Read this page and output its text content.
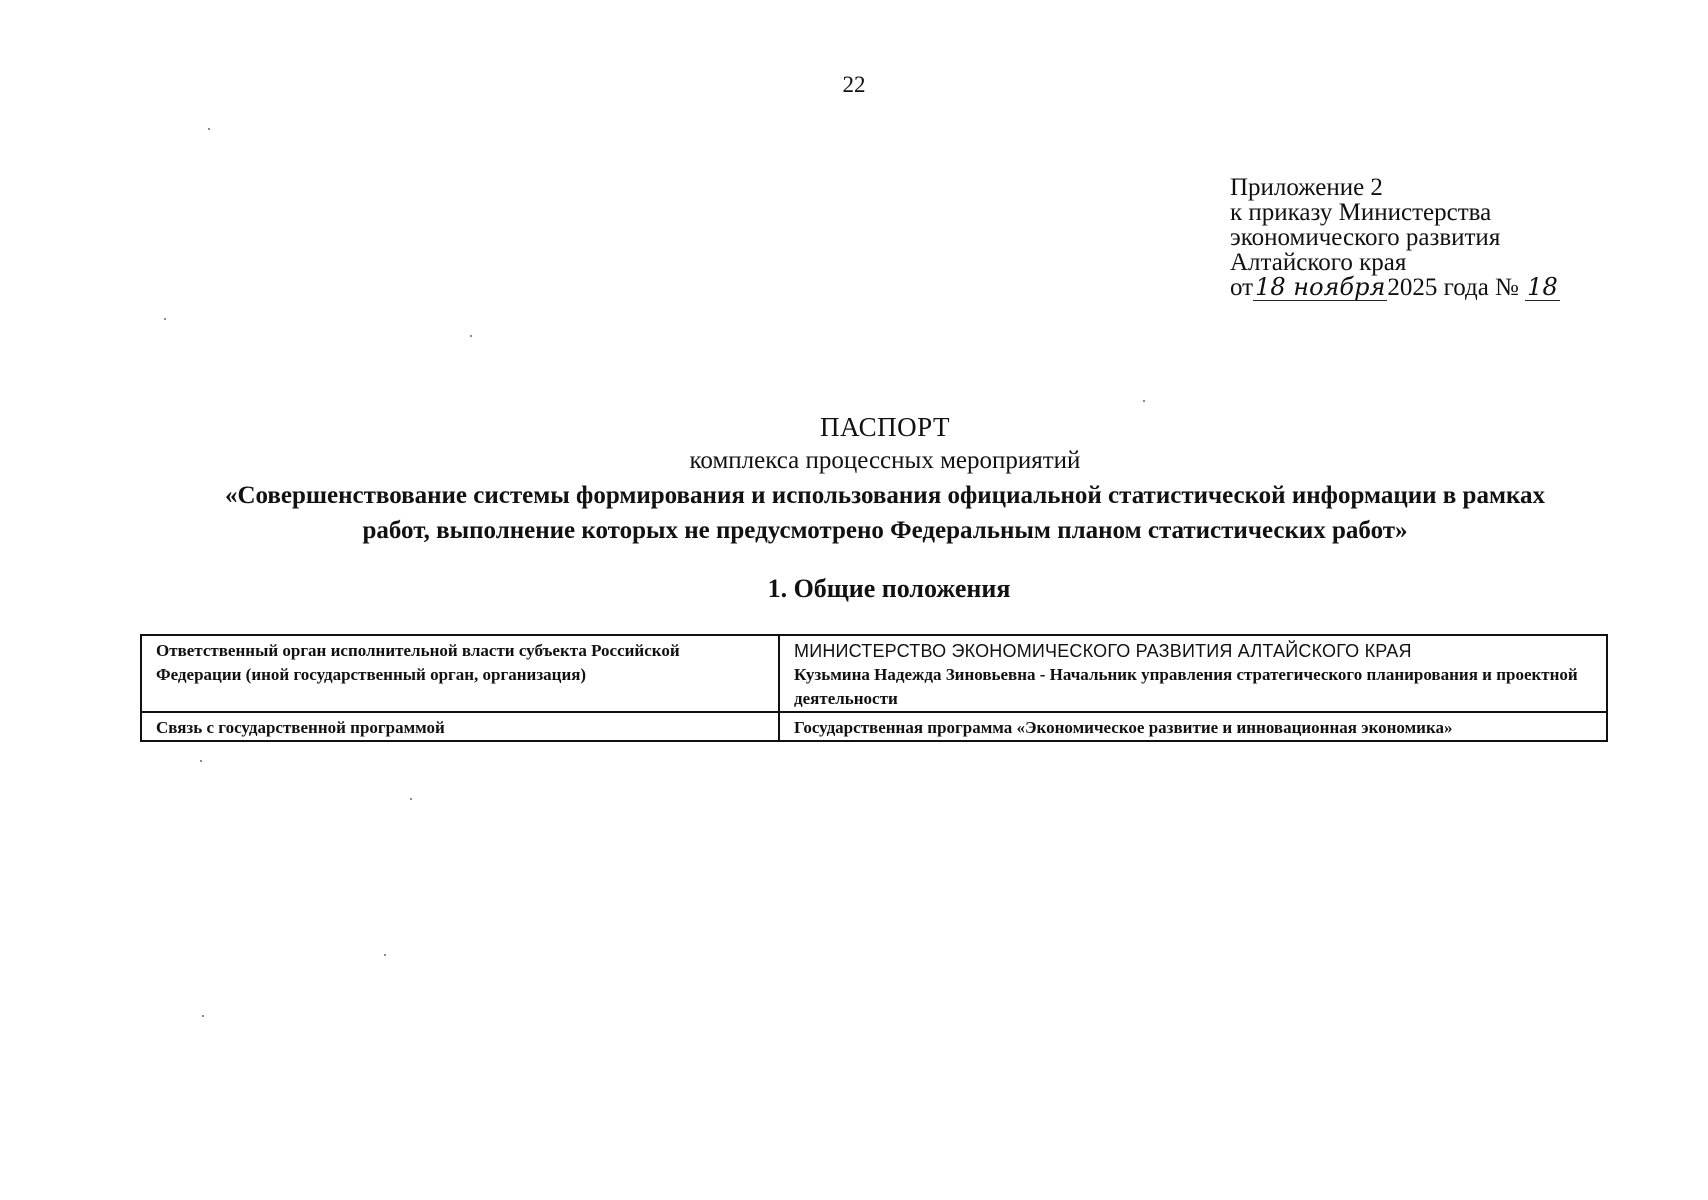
22
Приложение 2
к приказу Министерства
экономического развития
Алтайского края
от18 ноября2025 года № 18
ПАСПОРТ
комплекса процессных мероприятий
«Совершенствование системы формирования и использования официальной статистической информации в рамках
работ, выполнение которых не предусмотрено Федеральным планом статистических работ»
1. Общие положения
Ответственный орган исполнительной власти субъекта Российской Федерации (иной государственный орган, организация)	МИНИСТЕРСТВО ЭКОНОМИЧЕСКОГО РАЗВИТИЯ АЛТАЙСКОГО КРАЯ
Кузьмина Надежда Зиновьевна - Начальник управления стратегического планирования и проектной деятельности

Связь с государственной программой	Государственная программа «Экономическое развитие и инновационная экономика»
